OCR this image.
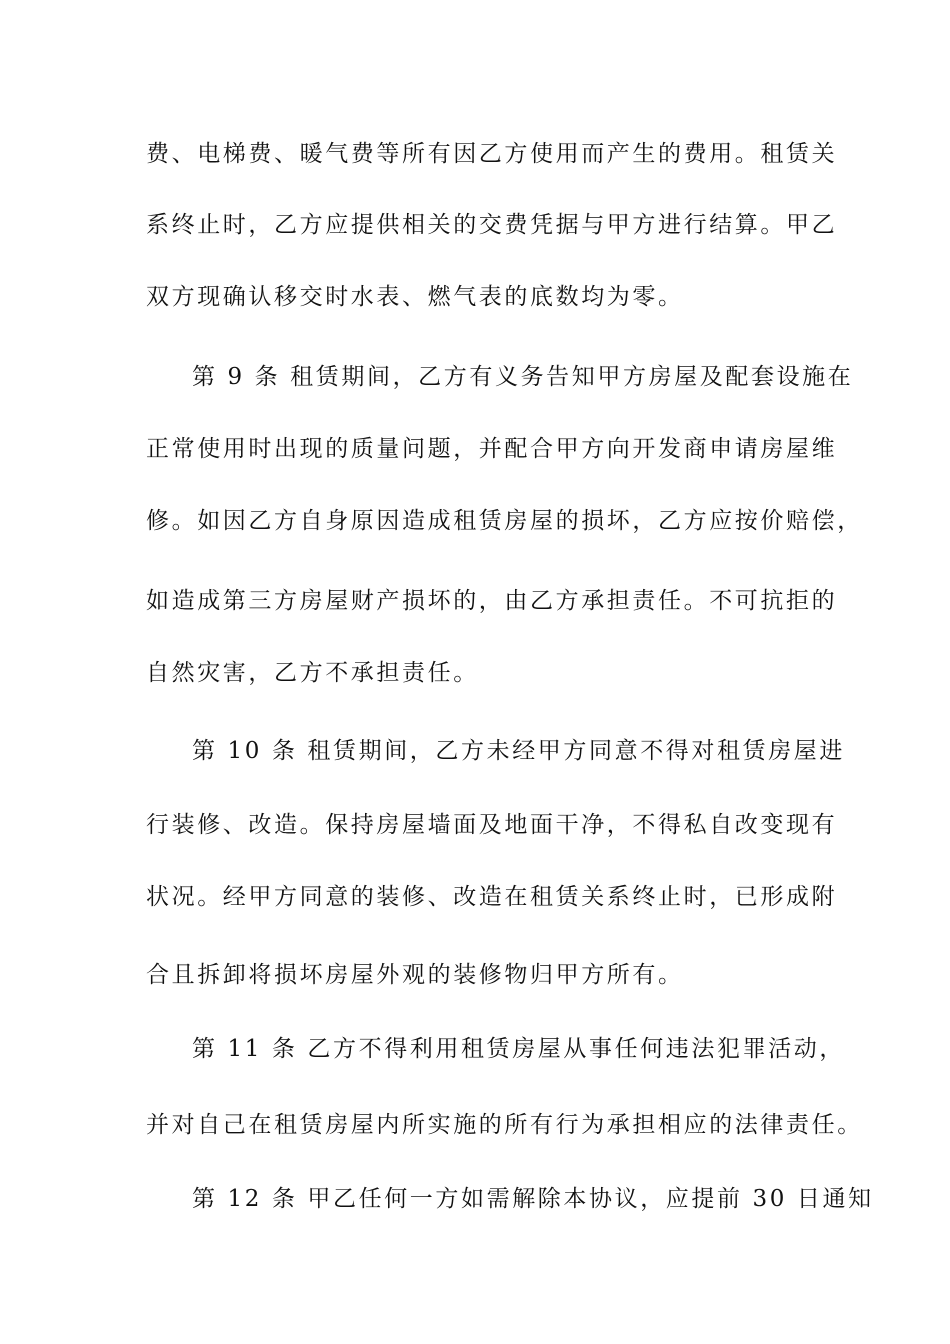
费、电梯费、暖气费等所有因乙方使用而产生的费用。租赁关
系终止时，乙方应提供相关的交费凭据与甲方进行结算。甲乙
双方现确认移交时水表、燃气表的底数均为零。
第 9 条 租赁期间，乙方有义务告知甲方房屋及配套设施在
正常使用时出现的质量问题，并配合甲方向开发商申请房屋维
修。如因乙方自身原因造成租赁房屋的损坏，乙方应按价赔偿，
如造成第三方房屋财产损坏的，由乙方承担责任。不可抗拒的
自然灾害，乙方不承担责任。
第 10 条 租赁期间，乙方未经甲方同意不得对租赁房屋进
行装修、改造。保持房屋墙面及地面干净，不得私自改变现有
状况。经甲方同意的装修、改造在租赁关系终止时，已形成附
合且拆卸将损坏房屋外观的装修物归甲方所有。
第 11 条 乙方不得利用租赁房屋从事任何违法犯罪活动，
并对自己在租赁房屋内所实施的所有行为承担相应的法律责任。
第 12 条 甲乙任何一方如需解除本协议，应提前 30 日通知
